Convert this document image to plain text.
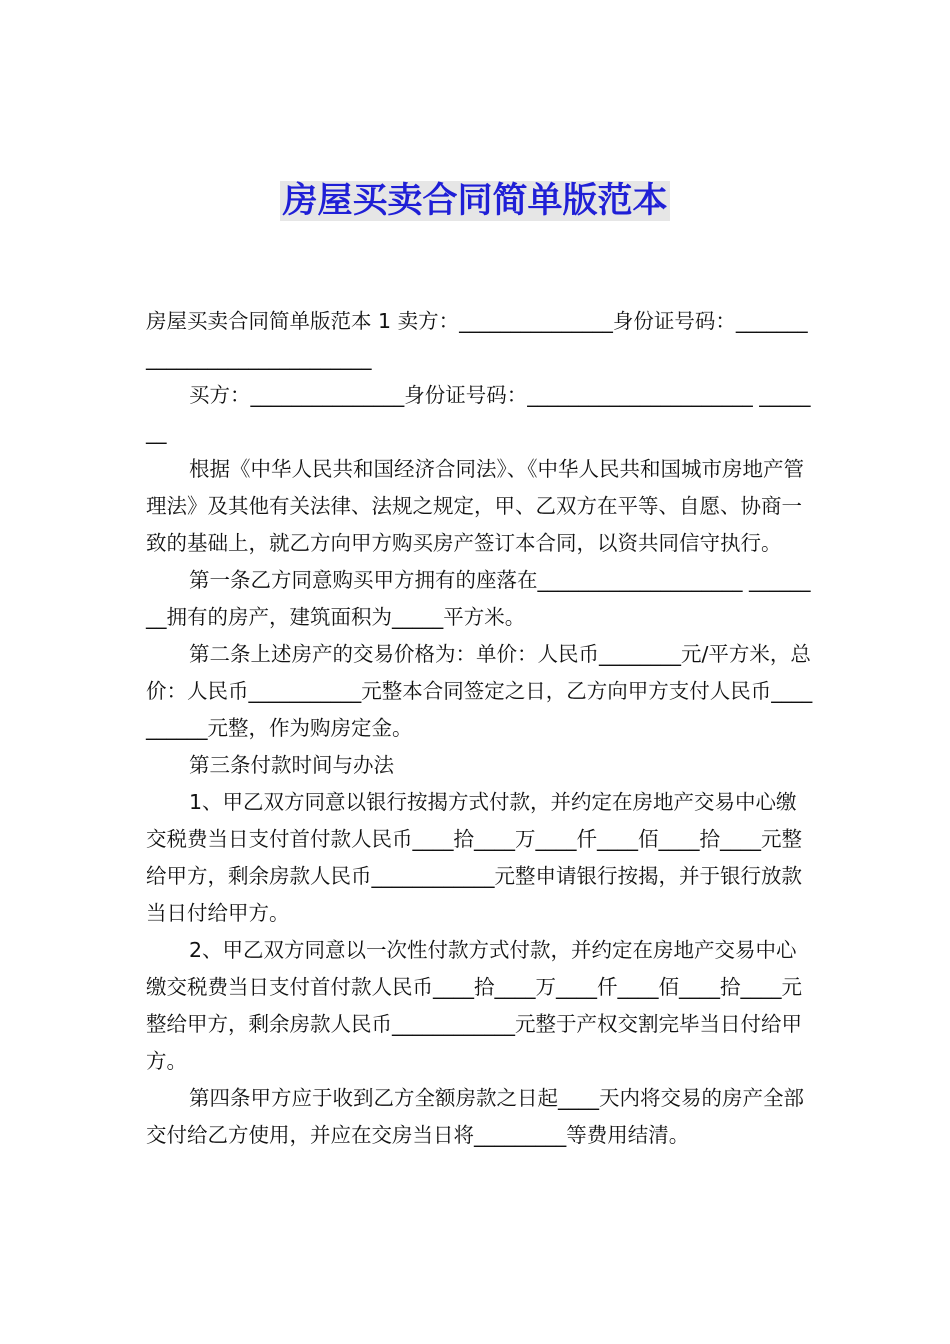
房屋买卖合同简单版范本

房屋买卖合同简单版范本 1 卖方：_______________身份证号码：_____________________________

买方：_______________身份证号码：______________________ _______

根据《中华人民共和国经济合同法》、《中华人民共和国城市房地产管理法》及其他有关法律、法规之规定，甲、乙双方在平等、自愿、协商一致的基础上，就乙方向甲方购买房产签订本合同，以资共同信守执行。

第一条乙方同意购买甲方拥有的座落在____________________ ________拥有的房产，建筑面积为_____平方米。

第二条上述房产的交易价格为：单价：人民币________元/平方米，总价：人民币___________元整本合同签定之日，乙方向甲方支付人民币__________元整，作为购房定金。

第三条付款时间与办法

1、甲乙双方同意以银行按揭方式付款，并约定在房地产交易中心缴交税费当日支付首付款人民币____拾____万____仟____佰____拾____元整给甲方，剩余房款人民币____________元整申请银行按揭，并于银行放款当日付给甲方。

2、甲乙双方同意以一次性付款方式付款，并约定在房地产交易中心缴交税费当日支付首付款人民币____拾____万____仟____佰____拾____元整给甲方，剩余房款人民币____________元整于产权交割完毕当日付给甲方。

第四条甲方应于收到乙方全额房款之日起____天内将交易的房产全部交付给乙方使用，并应在交房当日将_________等费用结清。
